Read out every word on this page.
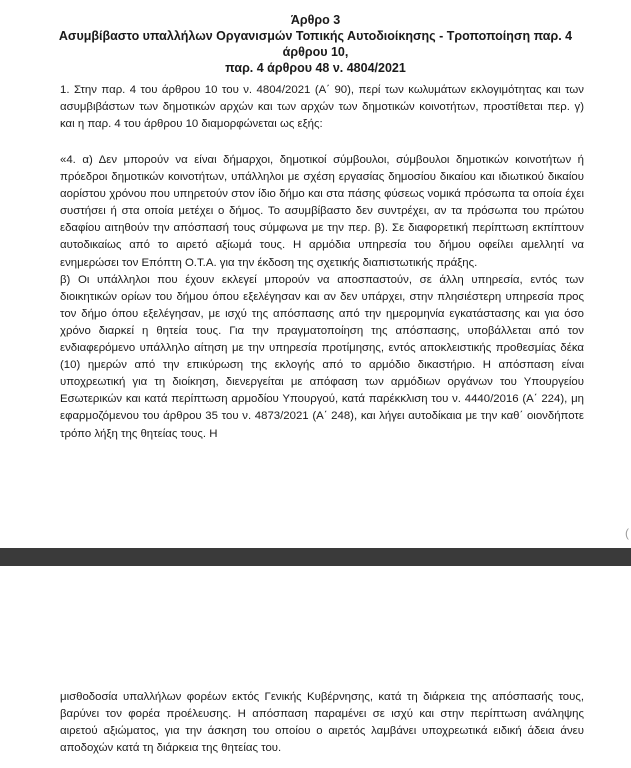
Άρθρο 3
Ασυμβίβαστο υπαλλήλων Οργανισμών Τοπικής Αυτοδιοίκησης - Τροποποίηση παρ. 4 άρθρου 10,
παρ. 4 άρθρου 48 ν. 4804/2021

1. Στην παρ. 4 του άρθρου 10 του ν. 4804/2021 (Α΄ 90), περί των κωλυμάτων εκλογιμότητας και των ασυμβιβάστων των δημοτικών αρχών και των αρχών των δημοτικών κοινοτήτων, προστίθεται περ. γ) και η παρ. 4 του άρθρου 10 διαμορφώνεται ως εξής:

«4. α) Δεν μπορούν να είναι δήμαρχοι, δημοτικοί σύμβουλοι, σύμβουλοι δημοτικών κοινοτήτων ή πρόεδροι δημοτικών κοινοτήτων, υπάλληλοι με σχέση εργασίας δημοσίου δικαίου και ιδιωτικού δικαίου αορίστου χρόνου που υπηρετούν στον ίδιο δήμο και στα πάσης φύσεως νομικά πρόσωπα τα οποία έχει συστήσει ή στα οποία μετέχει ο δήμος. Το ασυμβίβαστο δεν συντρέχει, αν τα πρόσωπα του πρώτου εδαφίου αιτηθούν την απόσπασή τους σύμφωνα με την περ. β). Σε διαφορετική περίπτωση εκπίπτουν αυτοδικαίως από το αιρετό αξίωμά τους. Η αρμόδια υπηρεσία του δήμου οφείλει αμελλητί να ενημερώσει τον Επόπτη Ο.Τ.Α. για την έκδοση της σχετικής διαπιστωτικής πράξης.
β) Οι υπάλληλοι που έχουν εκλεγεί μπορούν να αποσπαστούν, σε άλλη υπηρεσία, εντός των διοικητικών ορίων του δήμου όπου εξελέγησαν και αν δεν υπάρχει, στην πλησιέστερη υπηρεσία προς τον δήμο όπου εξελέγησαν, με ισχύ της απόσπασης από την ημερομηνία εγκατάστασης και για όσο χρόνο διαρκεί η θητεία τους. Για την πραγματοποίηση της απόσπασης, υποβάλλεται από τον ενδιαφερόμενο υπάλληλο αίτηση με την υπηρεσία προτίμησης, εντός αποκλειστικής προθεσμίας δέκα (10) ημερών από την επικύρωση της εκλογής από το αρμόδιο δικαστήριο. Η απόσπαση είναι υποχρεωτική για τη διοίκηση, διενεργείται με απόφαση των αρμόδιων οργάνων του Υπουργείου Εσωτερικών και κατά περίπτωση αρμοδίου Υπουργού, κατά παρέκκλιση του ν. 4440/2016 (Α΄ 224), μη εφαρμοζόμενου του άρθρου 35 του ν. 4873/2021 (Α΄ 248), και λήγει αυτοδίκαια με την καθ΄ οιονδήποτε τρόπο λήξη της θητείας τους. Η
(

μισθοδοσία υπαλλήλων φορέων εκτός Γενικής Κυβέρνησης, κατά τη διάρκεια της απόσπασής τους, βαρύνει τον φορέα προέλευσης. Η απόσπαση παραμένει σε ισχύ και στην περίπτωση ανάληψης αιρετού αξιώματος, για την άσκηση του οποίου ο αιρετός λαμβάνει υποχρεωτικά ειδική άδεια άνευ αποδοχών κατά τη διάρκεια της θητείας του.
